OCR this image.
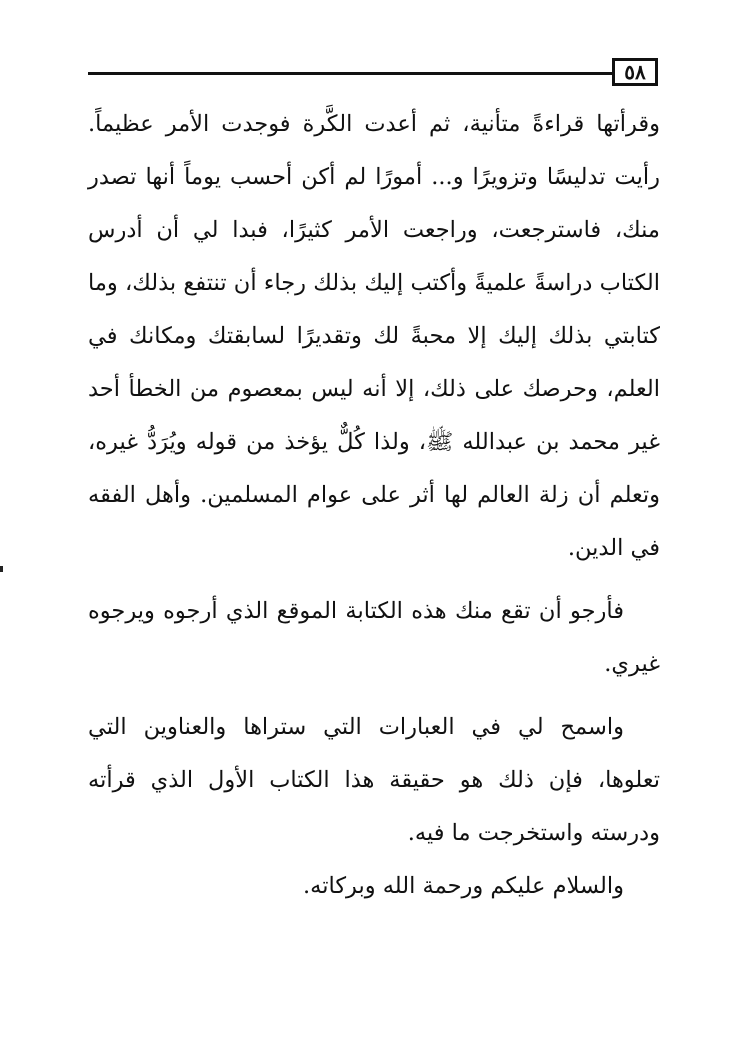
٥٨

وقرأتها قراءةً متأنية، ثم أعدت الكَّرة فوجدت الأمر عظيماً. رأيت تدليسًا وتزويرًا و... أمورًا لم أكن أحسب يوماً أنها تصدر منك، فاسترجعت، وراجعت الأمر كثيرًا، فبدا لي أن أدرس الكتاب دراسةً علميةً وأكتب إليك بذلك رجاء أن تنتفع بذلك، وما كتابتي بذلك إليك إلا محبةً لك وتقديرًا لسابقتك ومكانك في العلم، وحرصك على ذلك، إلا أنه ليس بمعصوم من الخطأ أحد غير محمد بن عبدالله ﷺ، ولذا كُلٌّ يؤخذ من قوله ويُرَدُّ غيره، وتعلم أن زلة العالم لها أثر على عوام المسلمين. وأهل الفقه في الدين.

فأرجو أن تقع منك هذه الكتابة الموقع الذي أرجوه ويرجوه غيري.

واسمح لي في العبارات التي ستراها والعناوين التي تعلوها، فإن ذلك هو حقيقة هذا الكتاب الأول الذي قرأته ودرسته واستخرجت ما فيه.

والسلام عليكم ورحمة الله وبركاته.
